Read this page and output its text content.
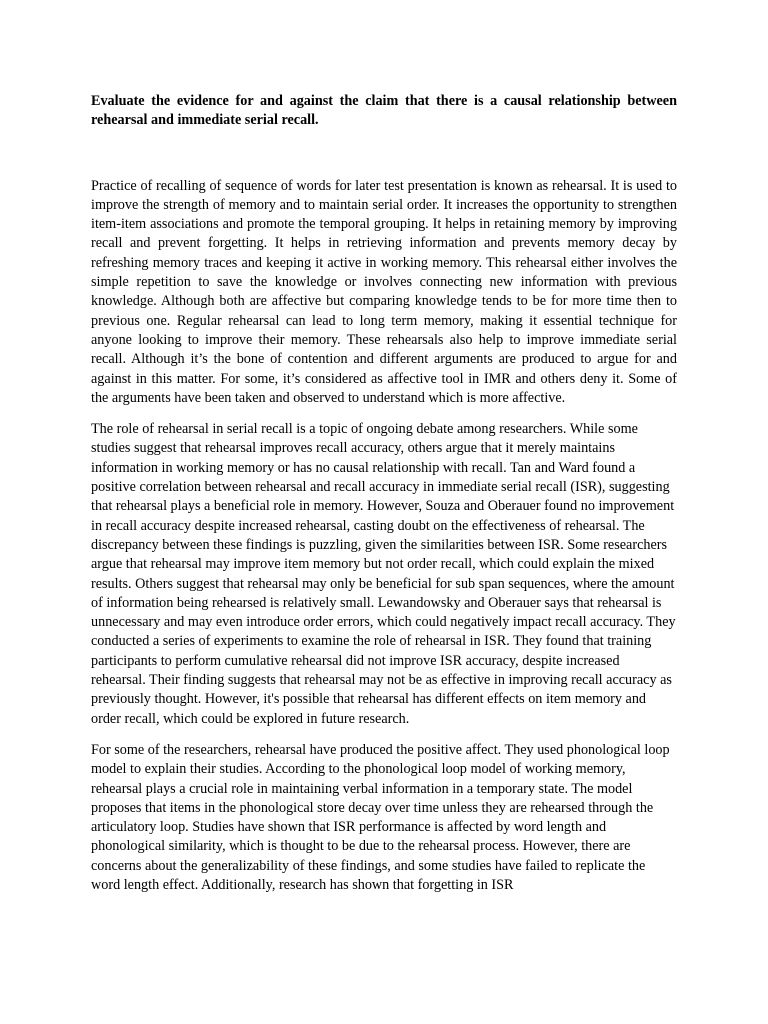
Evaluate the evidence for and against the claim that there is a causal relationship between rehearsal and immediate serial recall.

Practice of recalling of sequence of words for later test presentation is known as rehearsal. It is used to improve the strength of memory and to maintain serial order. It increases the opportunity to strengthen item-item associations and promote the temporal grouping. It helps in retaining memory by improving recall and prevent forgetting. It helps in retrieving information and prevents memory decay by refreshing memory traces and keeping it active in working memory. This rehearsal either involves the simple repetition to save the knowledge or involves connecting new information with previous knowledge. Although both are affective but comparing knowledge tends to be for more time then to previous one. Regular rehearsal can lead to long term memory, making it essential technique for anyone looking to improve their memory. These rehearsals also help to improve immediate serial recall. Although it’s the bone of contention and different arguments are produced to argue for and against in this matter. For some, it’s considered as affective tool in IMR and others deny it. Some of the arguments have been taken and observed to understand which is more affective.

The role of rehearsal in serial recall is a topic of ongoing debate among researchers. While some studies suggest that rehearsal improves recall accuracy, others argue that it merely maintains information in working memory or has no causal relationship with recall. Tan and Ward found a positive correlation between rehearsal and recall accuracy in immediate serial recall (ISR), suggesting that rehearsal plays a beneficial role in memory. However, Souza and Oberauer found no improvement in recall accuracy despite increased rehearsal, casting doubt on the effectiveness of rehearsal. The discrepancy between these findings is puzzling, given the similarities between ISR. Some researchers argue that rehearsal may improve item memory but not order recall, which could explain the mixed results. Others suggest that rehearsal may only be beneficial for sub span sequences, where the amount of information being rehearsed is relatively small. Lewandowsky and Oberauer says that rehearsal is unnecessary and may even introduce order errors, which could negatively impact recall accuracy. They conducted a series of experiments to examine the role of rehearsal in ISR. They found that training participants to perform cumulative rehearsal did not improve ISR accuracy, despite increased rehearsal. Their finding suggests that rehearsal may not be as effective in improving recall accuracy as previously thought. However, it's possible that rehearsal has different effects on item memory and order recall, which could be explored in future research.

For some of the researchers, rehearsal have produced the positive affect. They used phonological loop model to explain their studies. According to the phonological loop model of working memory, rehearsal plays a crucial role in maintaining verbal information in a temporary state. The model proposes that items in the phonological store decay over time unless they are rehearsed through the articulatory loop. Studies have shown that ISR performance is affected by word length and phonological similarity, which is thought to be due to the rehearsal process. However, there are concerns about the generalizability of these findings, and some studies have failed to replicate the word length effect. Additionally, research has shown that forgetting in ISR
